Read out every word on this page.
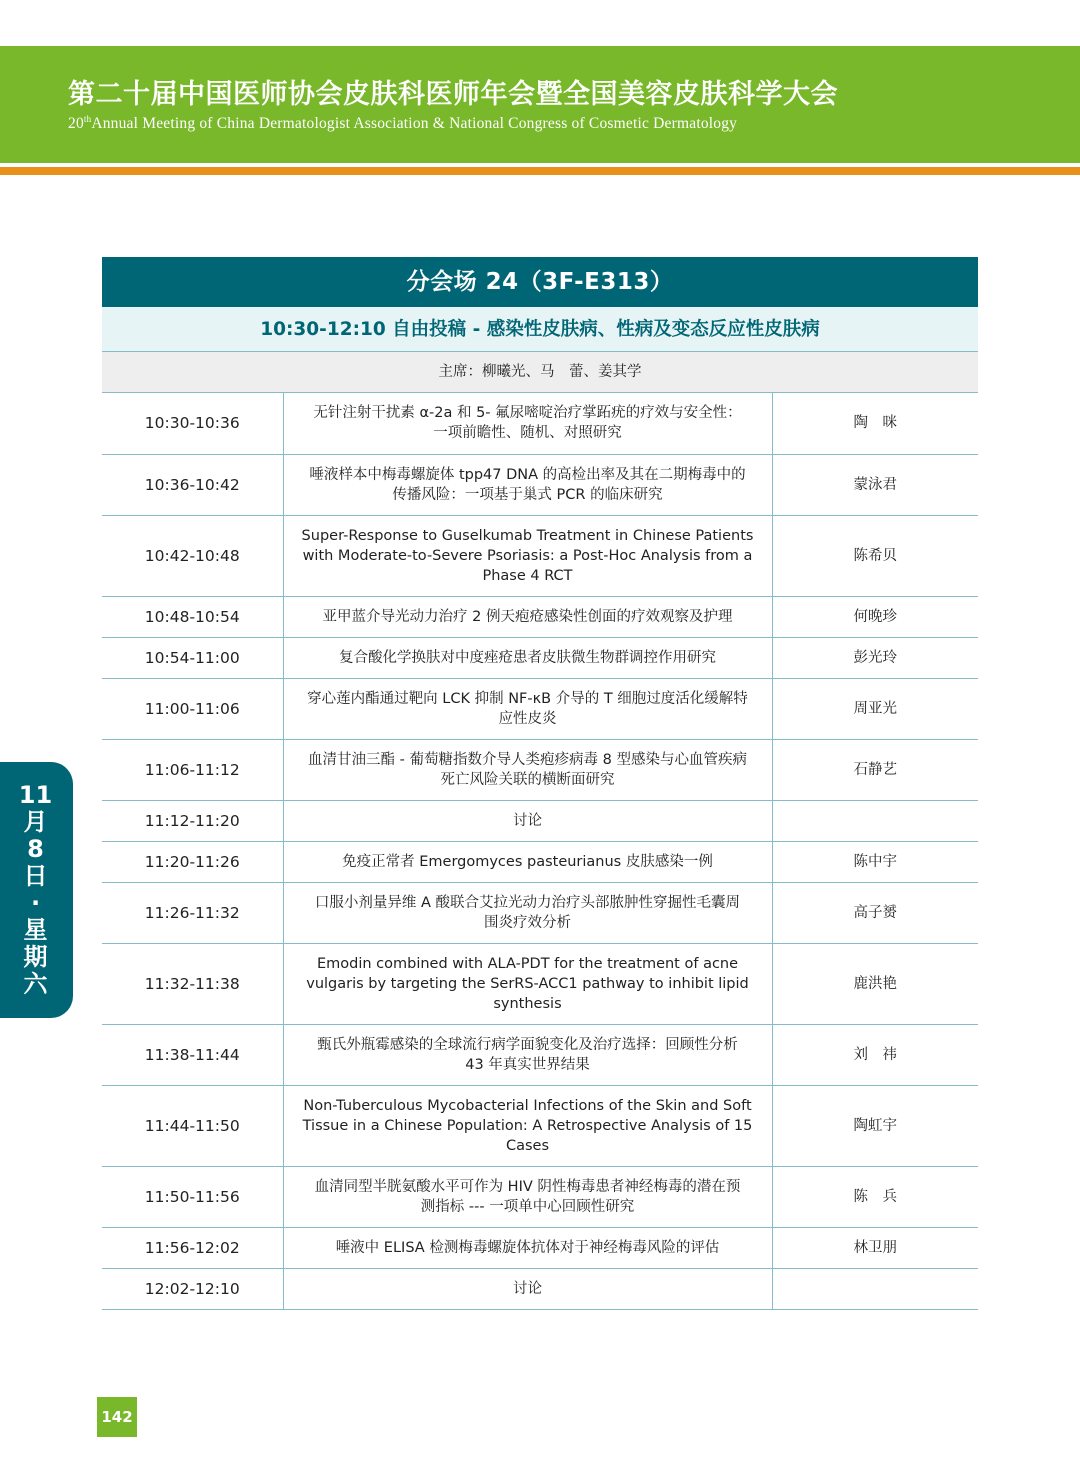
第二十届中国医师协会皮肤科医师年会暨全国美容皮肤科学大会
20thAnnual Meeting of China Dermatologist Association & National Congress of Cosmetic Dermatology
分会场 24（3F-E313）
10:30-12:10 自由投稿 - 感染性皮肤病、性病及变态反应性皮肤病
主席：柳曦光、马　蕾、姜其学
10:30-10:36	无针注射干扰素 α-2a 和 5- 氟尿嘧啶治疗掌跖疣的疗效与安全性：
一项前瞻性、随机、对照研究	陶　咪
10:36-10:42	唾液样本中梅毒螺旋体 tpp47 DNA 的高检出率及其在二期梅毒中的
传播风险：一项基于巢式 PCR 的临床研究	蒙泳君
10:42-10:48	Super-Response to Guselkumab Treatment in Chinese Patients
with Moderate-to-Severe Psoriasis: a Post-Hoc Analysis from a
Phase 4 RCT	陈希贝
10:48-10:54	亚甲蓝介导光动力治疗 2 例天疱疮感染性创面的疗效观察及护理	何晚珍
10:54-11:00	复合酸化学换肤对中度痤疮患者皮肤微生物群调控作用研究	彭光玲
11:00-11:06	穿心莲内酯通过靶向 LCK 抑制 NF-κB 介导的 T 细胞过度活化缓解特
应性皮炎	周亚光
11:06-11:12	血清甘油三酯 - 葡萄糖指数介导人类疱疹病毒 8 型感染与心血管疾病
死亡风险关联的横断面研究	石静艺
11:12-11:20	讨论	

11:20-11:26	免疫正常者 Emergomyces pasteurianus 皮肤感染一例	陈中宇
11:26-11:32	口服小剂量异维 A 酸联合艾拉光动力治疗头部脓肿性穿掘性毛囊周
围炎疗效分析	高子赟
11:32-11:38	Emodin combined with ALA-PDT for the treatment of acne
vulgaris by targeting the SerRS-ACC1 pathway to inhibit lipid
synthesis	鹿洪艳
11:38-11:44	甄氏外瓶霉感染的全球流行病学面貌变化及治疗选择：回顾性分析
43 年真实世界结果	刘　祎
11:44-11:50	Non-Tuberculous Mycobacterial Infections of the Skin and Soft
Tissue in a Chinese Population: A Retrospective Analysis of 15
Cases	陶虹宇
11:50-11:56	血清同型半胱氨酸水平可作为 HIV 阴性梅毒患者神经梅毒的潜在预
测指标 --- 一项单中心回顾性研究	陈　兵
11:56-12:02	唾液中 ELISA 检测梅毒螺旋体抗体对于神经梅毒风险的评估	林卫朋
12:02-12:10	讨论	

11
月
8
日
·
星
期
六
142
